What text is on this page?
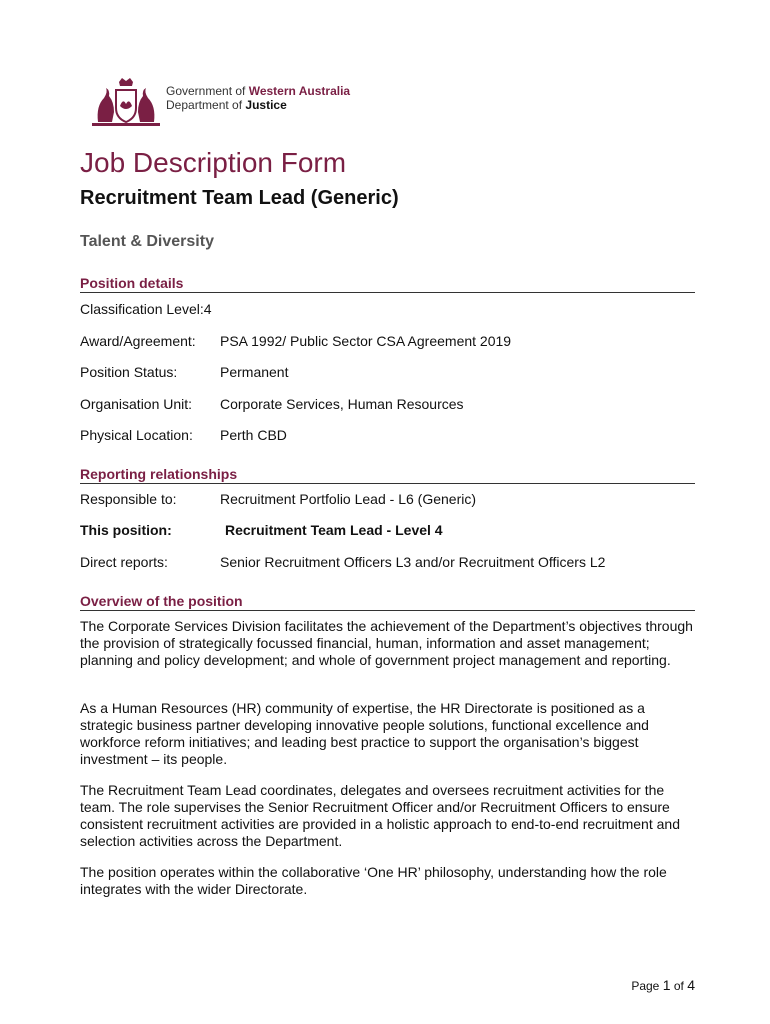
Government of Western Australia
Department of Justice
Job Description Form
Recruitment Team Lead (Generic)
Talent & Diversity
Position details
Classification Level:4
Award/Agreement: PSA 1992/ Public Sector CSA Agreement 2019
Position Status:	Permanent
Organisation Unit: Corporate Services, Human Resources
Physical Location: Perth CBD
Reporting relationships
Responsible to:	Recruitment Portfolio Lead - L6 (Generic)
This position:	Recruitment Team Lead - Level 4
Direct reports:	Senior Recruitment Officers L3 and/or Recruitment Officers L2
Overview of the position

The Corporate Services Division facilitates the achievement of the Department’s objectives through the provision of strategically focussed financial, human, information and asset management; planning and policy development; and whole of government project management and reporting.

As a Human Resources (HR) community of expertise, the HR Directorate is positioned as a strategic business partner developing innovative people solutions, functional excellence and workforce reform initiatives; and leading best practice to support the organisation’s biggest investment – its people.

The Recruitment Team Lead coordinates, delegates and oversees recruitment activities for the team. The role supervises the Senior Recruitment Officer and/or Recruitment Officers to ensure consistent recruitment activities are provided in a holistic approach to end-to-end recruitment and selection activities across the Department.

The position operates within the collaborative ‘One HR’ philosophy, understanding how the role integrates with the wider Directorate.

Page 1 of 4
